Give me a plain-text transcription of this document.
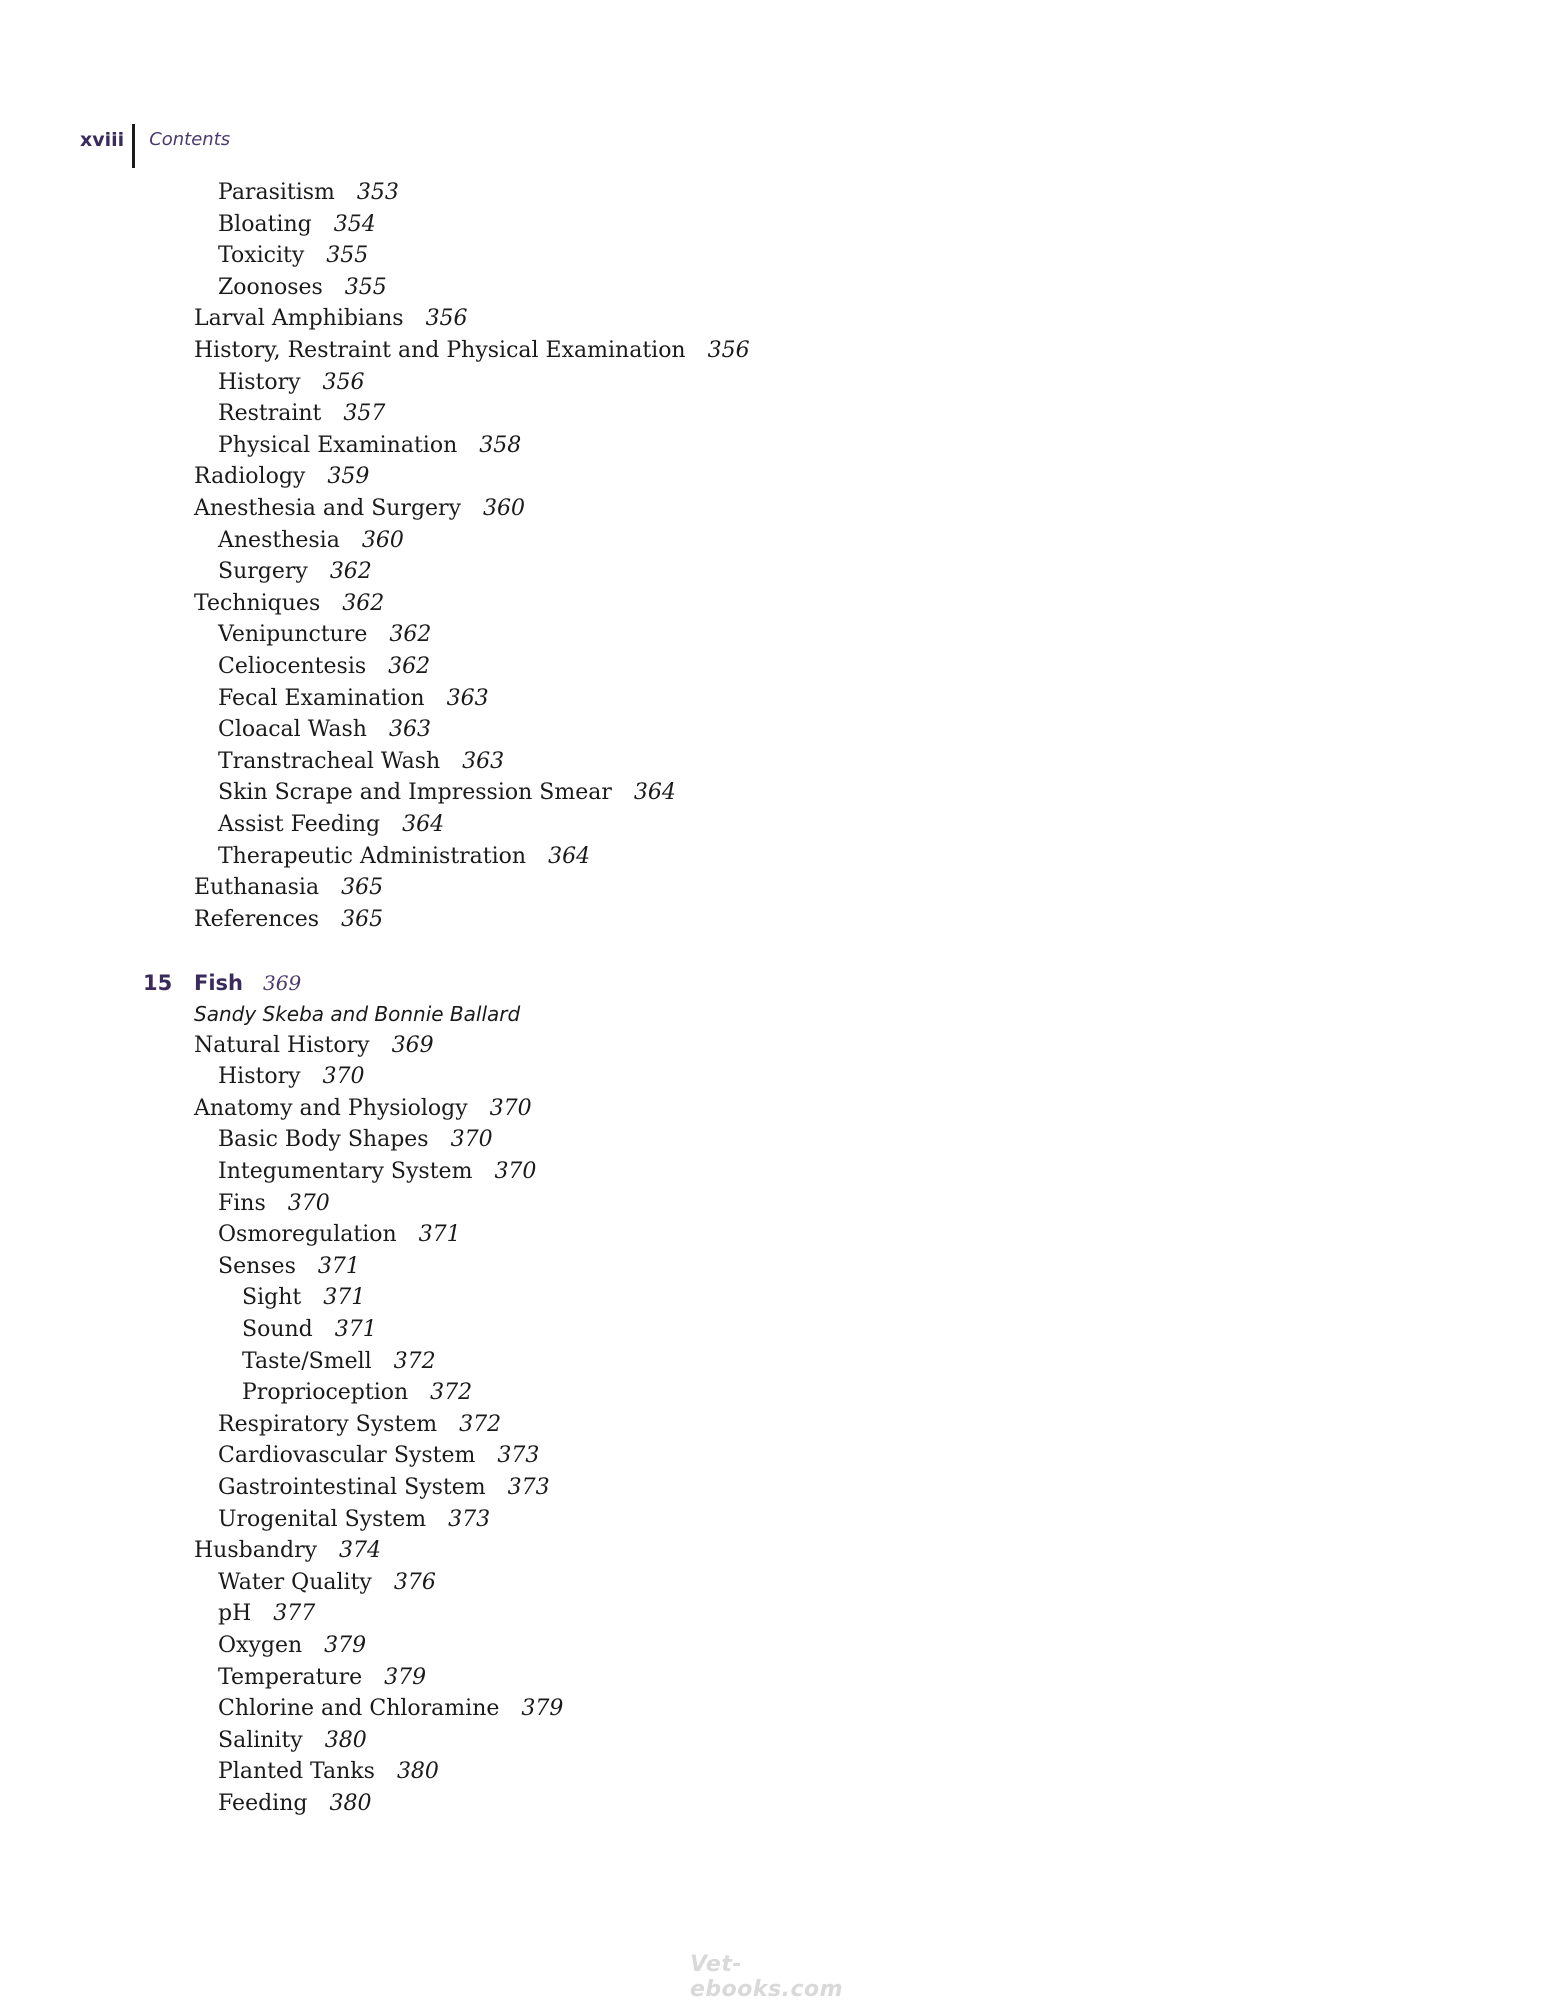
xviii	Contents
15 Fish 369
Sandy Skeba and Bonnie Ballard
Parasitism 353
Bloating 354
Toxicity 355
Zoonoses 355
Larval Amphibians 356
History, Restraint and Physical Examination 356
History 356
Restraint 357
Physical Examination 358
Radiology 359
Anesthesia and Surgery 360
Anesthesia 360
Surgery 362
Techniques 362
Venipuncture 362
Celiocentesis 362
Fecal Examination 363
Cloacal Wash 363
Transtracheal Wash 363
Skin Scrape and Impression Smear 364
Assist Feeding 364
Therapeutic Administration 364
Euthanasia 365
References 365
Natural History 369
History 370
Anatomy and Physiology 370
Basic Body Shapes 370
Integumentary System 370
Fins 370
Osmoregulation 371
Senses 371
Sight 371
Sound 371
Taste/Smell 372
Proprioception 372
Respiratory System 372
Cardiovascular System 373
Gastrointestinal System 373
Urogenital System 373
Husbandry 374
Water Quality 376
pH 377
Oxygen 379
Temperature 379
Chlorine and Chloramine 379
Salinity 380
Planted Tanks 380
Feeding 380
Vet-ebooks.com
